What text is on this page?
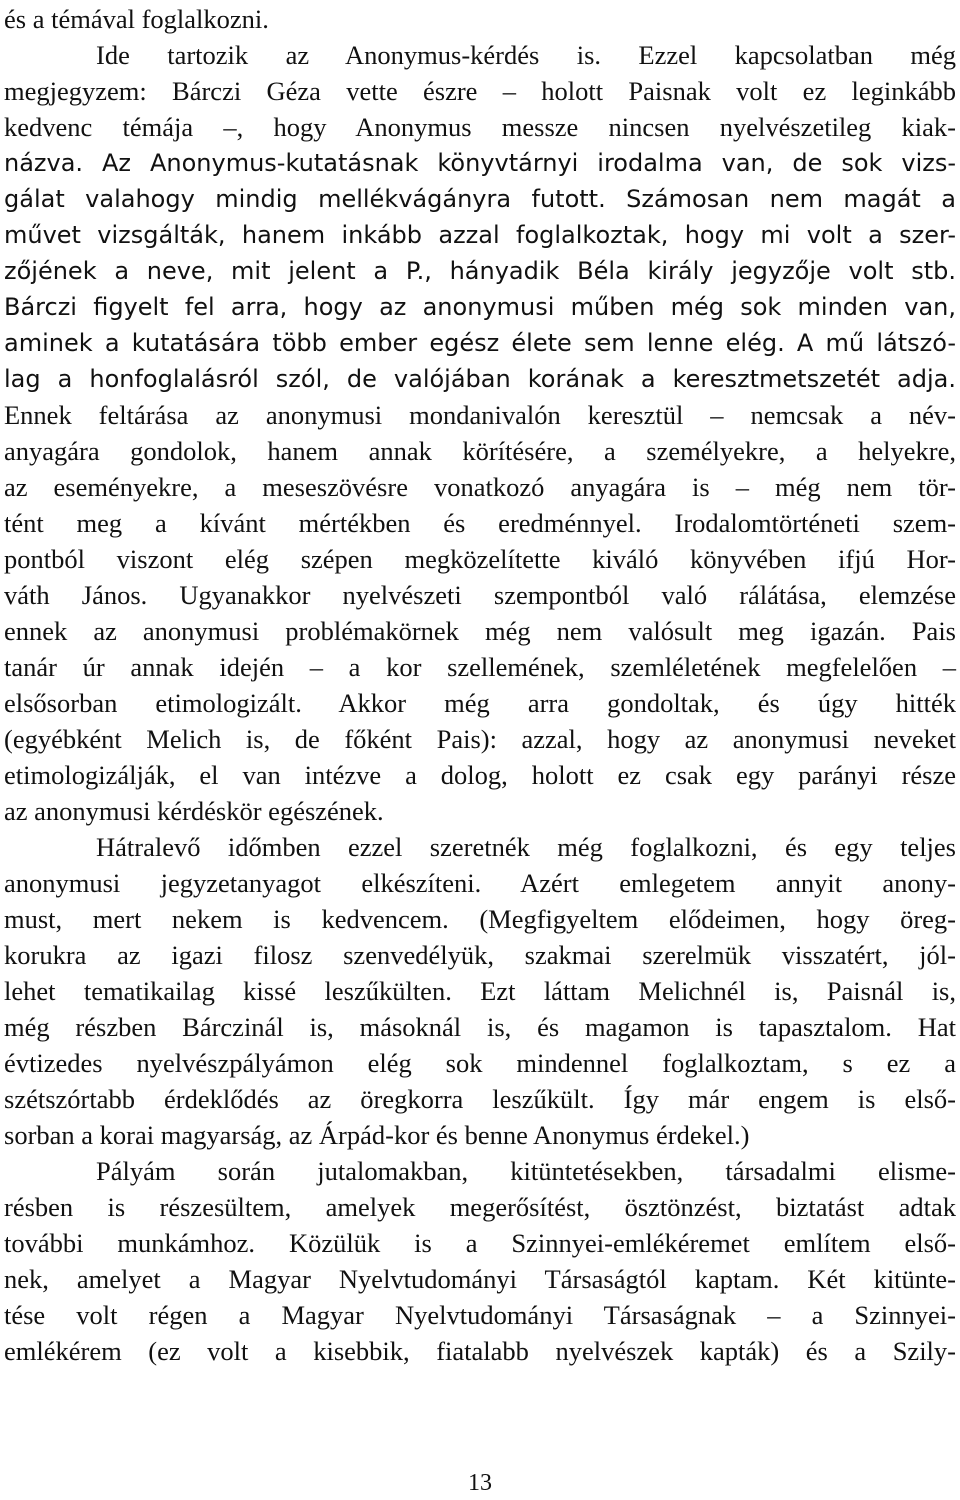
és a témával foglalkozni.
Ide tartozik az Anonymus-kérdés is. Ezzel kapcsolatban még
megjegyzem: Bárczi Géza vette észre – holott Paisnak volt ez leginkább
kedvenc témája –, hogy Anonymus messze nincsen nyelvészetileg kiak-
názva. Az Anonymus-kutatásnak könyvtárnyi irodalma van, de sok vizs-
gálat valahogy mindig mellékvágányra futott. Számosan nem magát a
művet vizsgálták, hanem inkább azzal foglalkoztak, hogy mi volt a szer-
zőjének a neve, mit jelent a P., hányadik Béla király jegyzője volt stb.
Bárczi figyelt fel arra, hogy az anonymusi műben még sok minden van,
aminek a kutatására több ember egész élete sem lenne elég. A mű látszó-
lag a honfoglalásról szól, de valójában korának a keresztmetszetét adja.
Ennek feltárása az anonymusi mondanivalón keresztül – nemcsak a név-
anyagára gondolok, hanem annak körítésére, a személyekre, a helyekre,
az eseményekre, a meseszövésre vonatkozó anyagára is – még nem tör-
tént meg a kívánt mértékben és eredménnyel. Irodalomtörténeti szem-
pontból viszont elég szépen megközelítette kiváló könyvében ifjú Hor-
váth János. Ugyanakkor nyelvészeti szempontból való rálátása, elemzése
ennek az anonymusi problémakörnek még nem valósult meg igazán. Pais
tanár úr annak idején – a kor szellemének, szemléletének megfelelően –
elsősorban etimologizált. Akkor még arra gondoltak, és úgy hitték
(egyébként Melich is, de főként Pais): azzal, hogy az anonymusi neveket
etimologizálják, el van intézve a dolog, holott ez csak egy parányi része
az anonymusi kérdéskör egészének.
Hátralevő időmben ezzel szeretnék még foglalkozni, és egy teljes
anonymusi jegyzetanyagot elkészíteni. Azért emlegetem annyit anony-
must, mert nekem is kedvencem. (Megfigyeltem elődeimen, hogy öreg-
korukra az igazi filosz szenvedélyük, szakmai szerelmük visszatért, jól-
lehet tematikailag kissé leszűkülten. Ezt láttam Melichnél is, Paisnál is,
még részben Bárczinál is, másoknál is, és magamon is tapasztalom. Hat
évtizedes nyelvészpályámon elég sok mindennel foglalkoztam, s ez a
szétszórtabb érdeklődés az öregkorra leszűkült. Így már engem is első-
sorban a korai magyarság, az Árpád-kor és benne Anonymus érdekel.)
Pályám során jutalomakban, kitüntetésekben, társadalmi elisme-
résben is részesültem, amelyek megerősítést, ösztönzést, biztatást adtak
további munkámhoz. Közülük is a Szinnyei-emlékéremet említem első-
nek, amelyet a Magyar Nyelvtudományi Társaságtól kaptam. Két kitünte-
tése volt régen a Magyar Nyelvtudományi Társaságnak – a Szinnyei-
emlékérem (ez volt a kisebbik, fiatalabb nyelvészek kapták) és a Szily-
13
